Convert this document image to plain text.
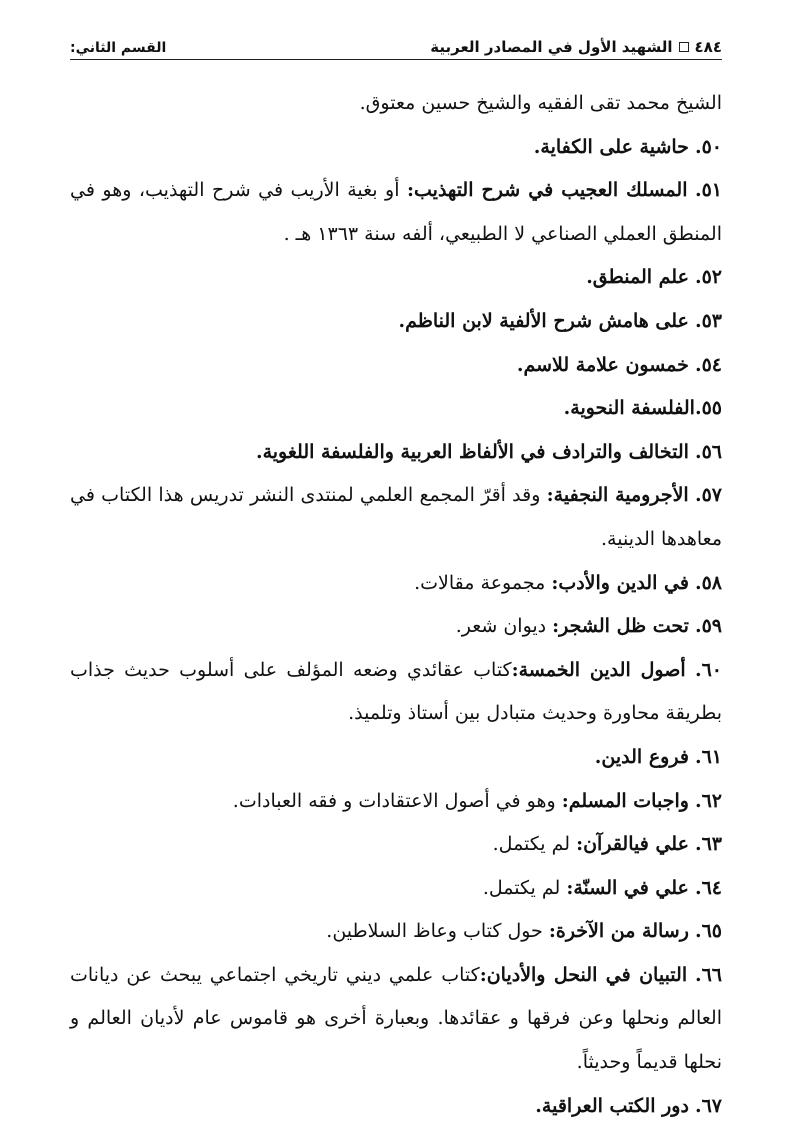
٤٨٤
الشهيد الأول في المصادر العربية
القسم الثاني:

الشيخ محمد تقى الفقيه والشيخ حسين معتوق.

٥٠. حاشية على الكفاية.

٥١. المسلك العجيب في شرح التهذيب: أو بغية الأريب في شرح التهذيب، وهو في المنطق العملي الصناعي لا الطبيعي، ألفه سنة ١٣٦٣ هـ .

٥٢. علم المنطق.

٥٣. على هامش شرح الألفية لابن الناظم.

٥٤. خمسون علامة للاسم.

٥٥.الفلسفة النحوية.

٥٦. التخالف والترادف في الألفاظ العربية والفلسفة اللغوية.

٥٧. الأجرومية النجفية: وقد أقرّ المجمع العلمي لمنتدى النشر تدريس هذا الكتاب في معاهدها الدينية.

٥٨. في الدين والأدب: مجموعة مقالات.

٥٩. تحت ظل الشجر: ديوان شعر.

٦٠. أصول الدين الخمسة:كتاب عقائدي وضعه المؤلف على أسلوب حديث جذاب بطريقة محاورة وحديث متبادل بين أستاذ وتلميذ.

٦١. فروع الدين.

٦٢. واجبات المسلم: وهو في أصول الاعتقادات و فقه العبادات.

٦٣. علي فيالقرآن: لم يكتمل.

٦٤. علي في السنّة: لم يكتمل.

٦٥. رسالة من الآخرة: حول كتاب وعاظ السلاطين.

٦٦. التبيان في النحل والأديان:كتاب علمي ديني تاريخي اجتماعي يبحث عن ديانات العالم ونحلها وعن فرقها و عقائدها. وبعبارة أخرى هو قاموس عام لأديان العالم و نحلها قديماً وحديثاً.

٦٧. دور الكتب العراقية.
